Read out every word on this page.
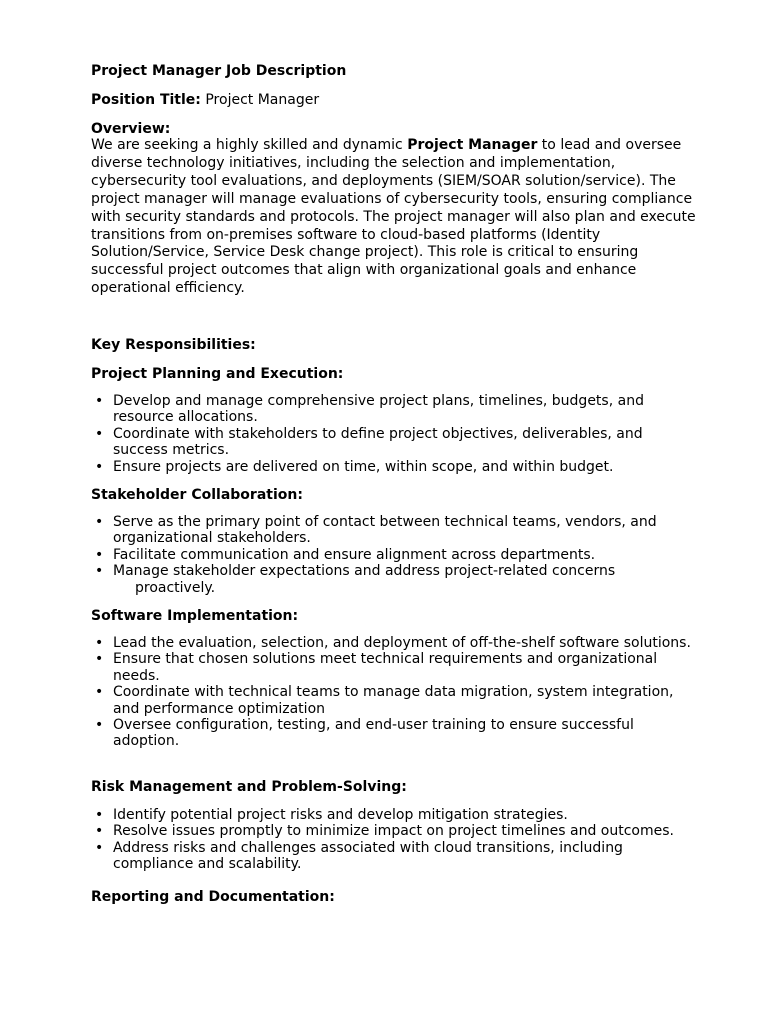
Project Manager Job Description

Position Title: Project Manager

Overview:

We are seeking a highly skilled and dynamic Project Manager to lead and oversee diverse technology initiatives, including the selection and implementation, cybersecurity tool evaluations, and deployments (SIEM/SOAR solution/service). The project manager will manage evaluations of cybersecurity tools, ensuring compliance with security standards and protocols. The project manager will also plan and execute transitions from on-premises software to cloud-based platforms (Identity Solution/Service, Service Desk change project). This role is critical to ensuring successful project outcomes that align with organizational goals and enhance operational efficiency.

Key Responsibilities:

Project Planning and Execution:

• Develop and manage comprehensive project plans, timelines, budgets, and resource allocations.
• Coordinate with stakeholders to define project objectives, deliverables, and success metrics.
• Ensure projects are delivered on time, within scope, and within budget.

Stakeholder Collaboration:

• Serve as the primary point of contact between technical teams, vendors, and organizational stakeholders.
• Facilitate communication and ensure alignment across departments.
• Manage stakeholder expectations and address project-related concerns
proactively.

Software Implementation:

• Lead the evaluation, selection, and deployment of off-the-shelf software solutions.
• Ensure that chosen solutions meet technical requirements and organizational needs.
• Coordinate with technical teams to manage data migration, system integration, and performance optimization
• Oversee configuration, testing, and end-user training to ensure successful adoption.

Risk Management and Problem-Solving:

• Identify potential project risks and develop mitigation strategies.
• Resolve issues promptly to minimize impact on project timelines and outcomes.
• Address risks and challenges associated with cloud transitions, including compliance and scalability.

Reporting and Documentation:
